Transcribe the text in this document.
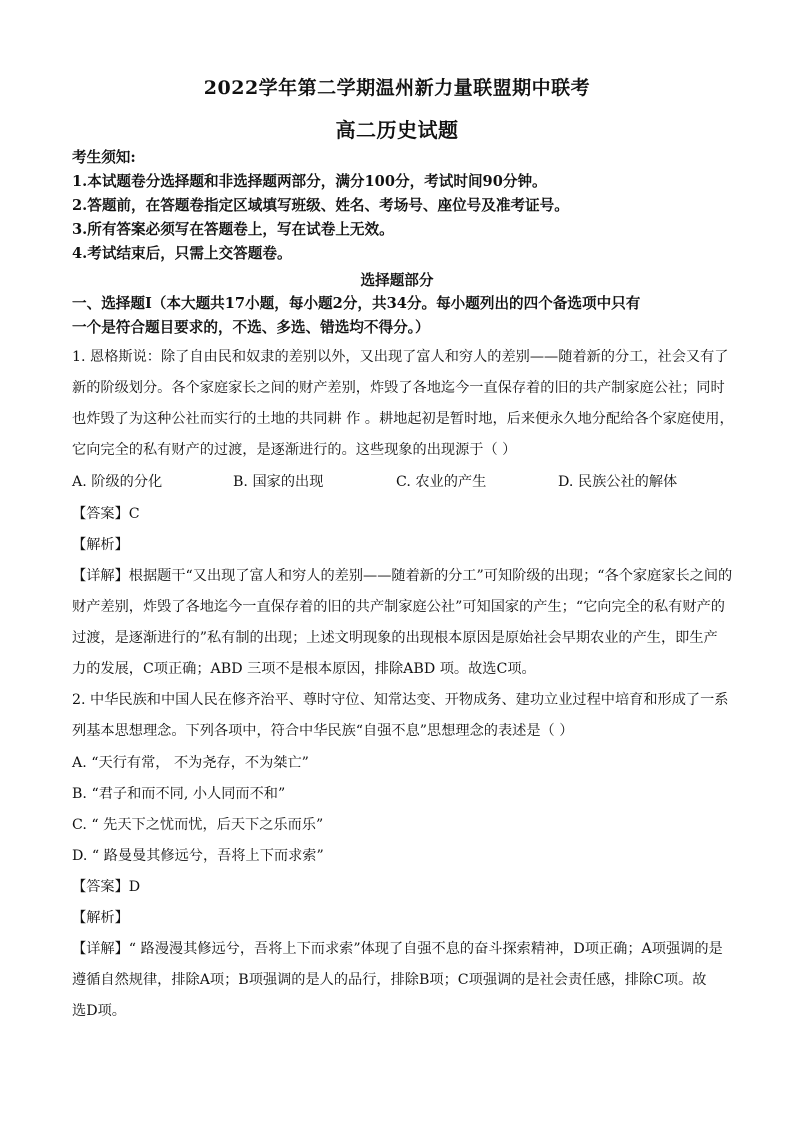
2022学年第二学期温州新力量联盟期中联考
高二历史试题
考生须知:
1.本试题卷分选择题和非选择题两部分，满分100分，考试时间90分钟。
2.答题前，在答题卷指定区域填写班级、姓名、考场号、座位号及准考证号。
3.所有答案必须写在答题卷上，写在试卷上无效。
4.考试结束后，只需上交答题卷。
选择题部分
一、选择题Ⅰ（本大题共17小题，每小题2分，共34分。每小题列出的四个备选项中只有
一个是符合题目要求的，不选、多选、错选均不得分。）
1. 恩格斯说：除了自由民和奴隶的差别以外，又出现了富人和穷人的差别——随着新的分工，社会又有了
新的阶级划分。各个家庭家长之间的财产差别，炸毁了各地迄今一直保存着的旧的共产制家庭公社；同时
也炸毁了为这种公社而实行的土地的共同耕 作 。耕地起初是暂时地，后来便永久地分配给各个家庭使用，
它向完全的私有财产的过渡，是逐渐进行的。这些现象的出现源于（ ）
A. 阶级的分化	B. 国家的出现	C. 农业的产生	D. 民族公社的解体
【答案】C
【解析】
【详解】根据题干“又出现了富人和穷人的差别——随着新的分工”可知阶级的出现；“各个家庭家长之间的
财产差别，炸毁了各地迄今一直保存着的旧的共产制家庭公社”可知国家的产生；“它向完全的私有财产的
过渡，是逐渐进行的”私有制的出现；上述文明现象的出现根本原因是原始社会早期农业的产生，即生产
力的发展，C项正确；ABD 三项不是根本原因，排除ABD 项。故选C项。
2. 中华民族和中国人民在修齐治平、尊时守位、知常达变、开物成务、建功立业过程中培育和形成了一系
列基本思想理念。下列各项中，符合中华民族“自强不息”思想理念的表述是（ ）
A. “天行有常， 不为尧存，不为桀亡”
B. “君子和而不同, 小人同而不和”
C. “ 先天下之忧而忧，后天下之乐而乐”
D. “ 路曼曼其修远兮，吾将上下而求索”
【答案】D
【解析】
【详解】“ 路漫漫其修远兮，吾将上下而求索”体现了自强不息的奋斗探索精神，D项正确；A项强调的是
遵循自然规律，排除A项；B项强调的是人的品行，排除B项；C项强调的是社会责任感，排除C项。故
选D项。
